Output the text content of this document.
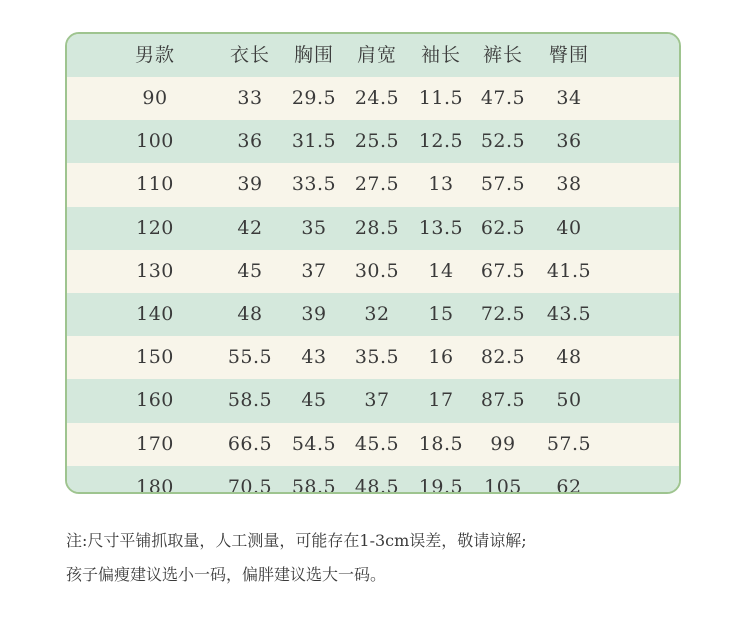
男款	衣长 胸围 肩宽 袖长 裤长 臀围
90	33 29.5 24.5 11.5 47.5 34
100	36 31.5 25.5 12.5 52.5 36
110	39 33.5 27.5 13 57.5 38
120	42 35 28.5 13.5 62.5 40
130	45 37 30.5 14 67.5 41.5
140	48 39 32 15 72.5 43.5
150	55.5 43 35.5 16 82.5 48
160	58.5 45 37 17 87.5 50
170	66.5 54.5 45.5 18.5 99 57.5
180	70.5 58.5 48.5 19.5 105 62
注:尺寸平铺抓取量，人工测量，可能存在1-3cm误差，敬请谅解;
孩子偏瘦建议选小一码，偏胖建议选大一码。
